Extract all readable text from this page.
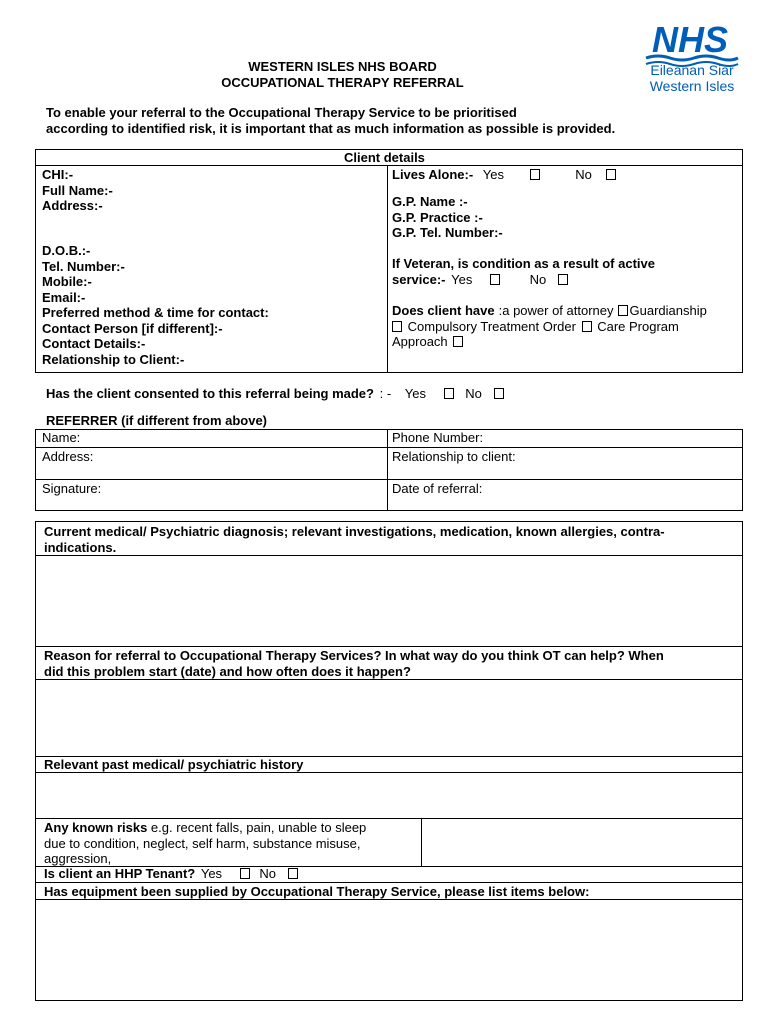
NHS
Eileanan Siar
Western Isles
WESTERN ISLES NHS BOARD
OCCUPATIONAL THERAPY REFERRAL
To enable your referral to the Occupational Therapy Service to be prioritised
according to identified risk, it is important that as much information as possible is provided.
Client details
CHI:-
Full Name:-
Address:-
D.O.B.:-
Tel. Number:-
Mobile:-
Email:-
Preferred method & time for contact:
Contact Person [if different]:-
Contact Details:-
Relationship to Client:-
Lives Alone:- Yes	No
G.P. Name :-
G.P. Practice :-
G.P. Tel. Number:-
If Veteran, is condition as a result of active
service:- Yes	No
Does client have :a power of attorney Guardianship
Compulsory Treatment Order Care Program
Approach
Has the client consented to this referral being made? : - Yes	No
REFERRER (if different from above)
Name:	Phone Number:
Address:	Relationship to client:
Signature:	Date of referral:
Current medical/ Psychiatric diagnosis; relevant investigations, medication, known allergies, contra-
indications.
Reason for referral to Occupational Therapy Services? In what way do you think OT can help? When
did this problem start (date) and how often does it happen?
Relevant past medical/ psychiatric history
Any known risks e.g. recent falls, pain, unable to sleep
due to condition, neglect, self harm, substance misuse,
aggression,
Is client an HHP Tenant? Yes	No
Has equipment been supplied by Occupational Therapy Service, please list items below:
